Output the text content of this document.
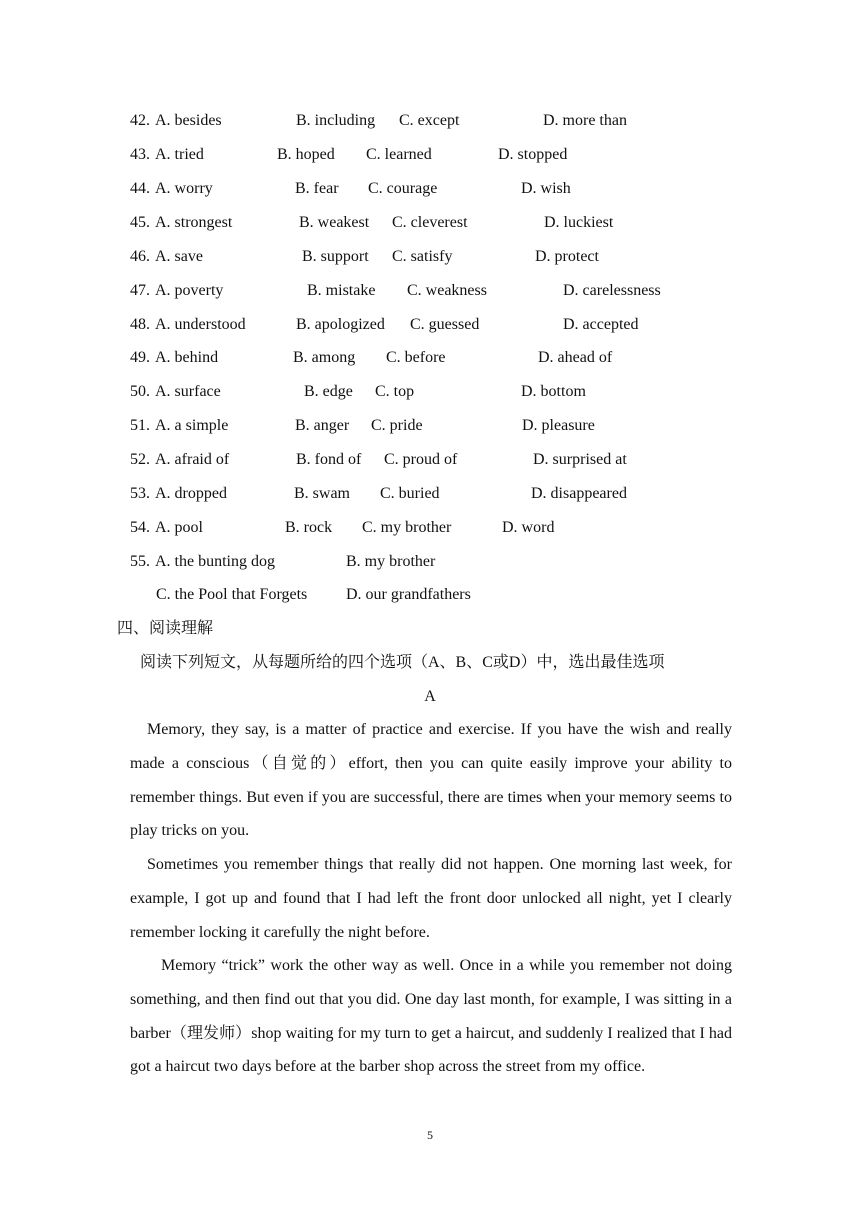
42. A. besides	B. including C. except	D. more than
43. A. tried	B. hoped C. learned	D. stopped
44. A. worry	B. fear C. courage	D. wish
45. A. strongest	B. weakest C. cleverest	D. luckiest
46. A. save	B. support C. satisfy	D. protect
47. A. poverty	B. mistake C. weakness	D. carelessness
48. A. understood	B. apologized C. guessed	D. accepted
49. A. behind	B. among C. before	D. ahead of
50. A. surface	B. edge C. top	D. bottom
51. A. a simple	B. anger C. pride	D. pleasure
52. A. afraid of	B. fond of C. proud of	D. surprised at
53. A. dropped	B. swam C. buried	D. disappeared
54. A. pool	B. rock C. my brother	D. word
55. A. the bunting dog	B. my brother
C. the Pool that Forgets D. our grandfathers
四、阅读理解
阅读下列短文，从每题所给的四个选项（A、B、C或D）中，选出最佳选项
A
Memory, they say, is a matter of practice and exercise. If you have the wish and really made a conscious（自觉的）effort, then you can quite easily improve your ability to remember things. But even if you are successful, there are times when your memory seems to play tricks on you.
Sometimes you remember things that really did not happen. One morning last week, for example, I got up and found that I had left the front door unlocked all night, yet I clearly remember locking it carefully the night before.
Memory “trick” work the other way as well. Once in a while you remember not doing something, and then find out that you did. One day last month, for example, I was sitting in a barber（理发师）shop waiting for my turn to get a haircut, and suddenly I realized that I had got a haircut two days before at the barber shop across the street from my office.
5
